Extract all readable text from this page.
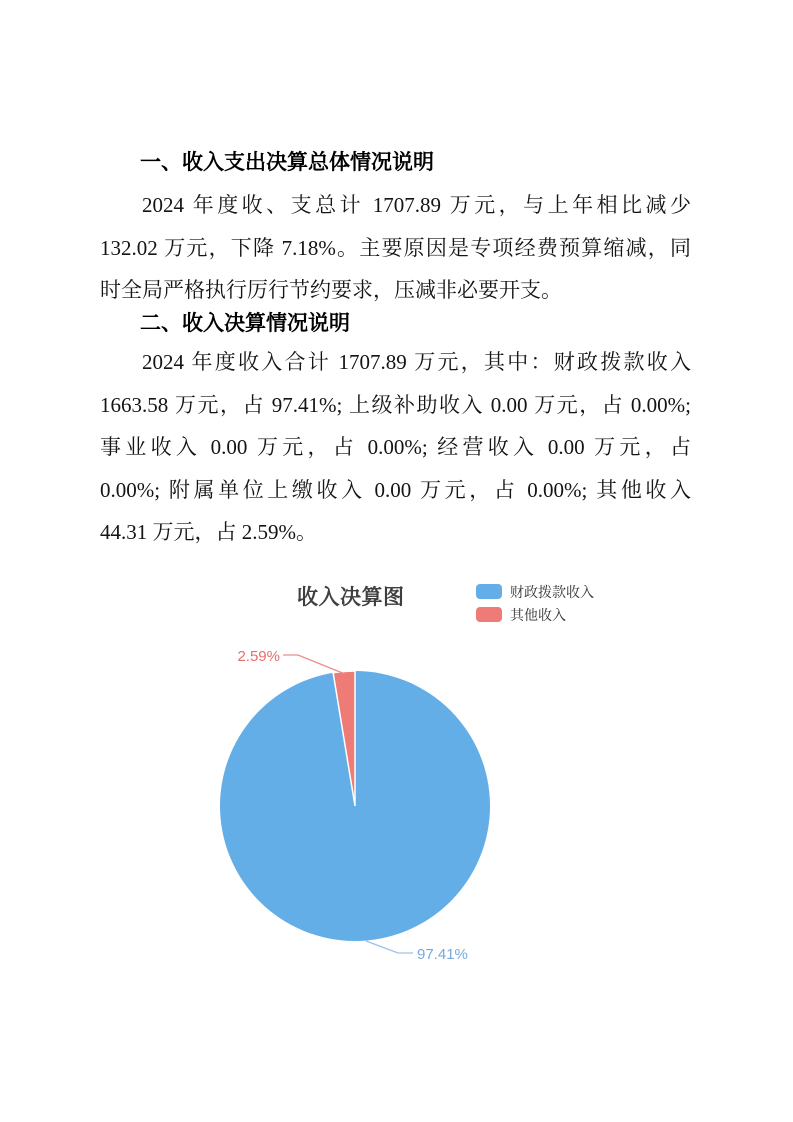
一、收入支出决算总体情况说明
2024 年度收、支总计 1707.89 万元，与上年相比减少
132.02 万元，下降 7.18%。主要原因是专项经费预算缩减，同
时全局严格执行厉行节约要求，压减非必要开支。
二、收入决算情况说明
2024 年度收入合计 1707.89 万元，其中：财政拨款收入
1663.58 万元，占 97.41%; 上级补助收入 0.00 万元，占 0.00%;
事业收入 0.00 万元，占 0.00%; 经营收入 0.00 万元，占
0.00%; 附属单位上缴收入 0.00 万元，占 0.00%; 其他收入
44.31 万元，占 2.59%。
收入决算图	财政拨款收入
其他收入
2.59%
97.41%
